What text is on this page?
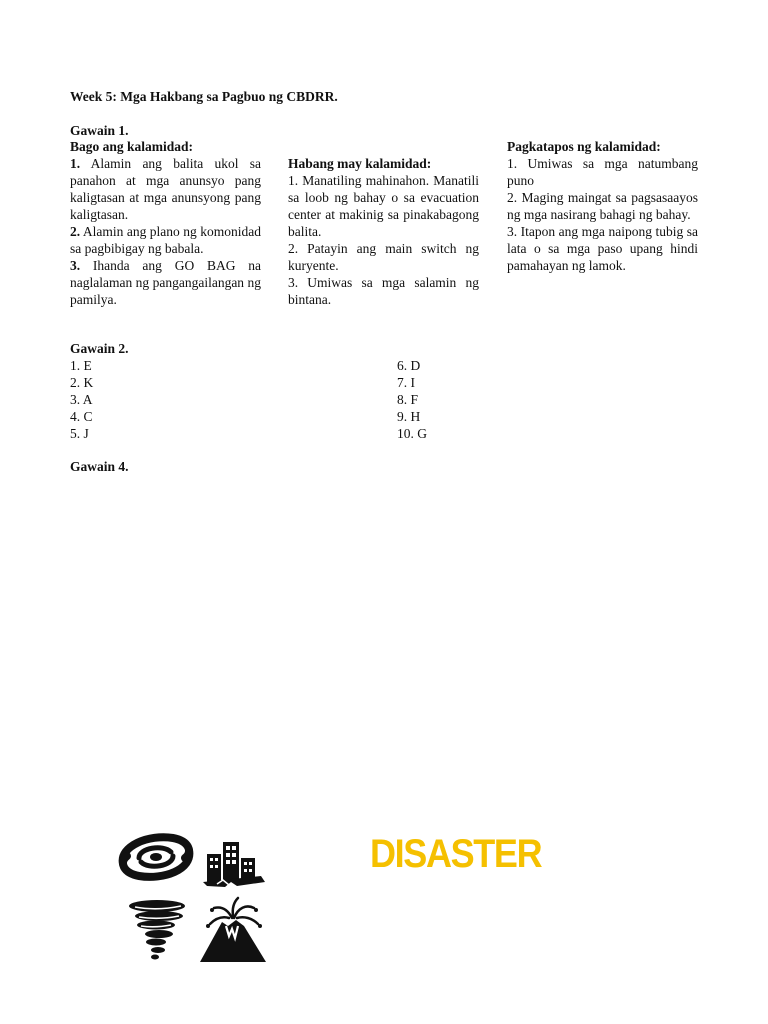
Week 5: Mga Hakbang sa Pagbuo ng CBDRR.
Gawain 1.
Bago ang kalamidad:
1. Alamin ang balita ukol sa panahon at mga anunsyo pang kaligtasan at mga anunsyong pang kaligtasan.
2. Alamin ang plano ng komonidad sa pagbibigay ng babala.
3. Ihanda ang GO BAG na naglalaman ng pangangailangan ng pamilya.
Habang may kalamidad:
1. Manatiling mahinahon. Manatili sa loob ng bahay o sa evacuation center at makinig sa pinakabagong balita.
2. Patayin ang main switch ng kuryente.
3. Umiwas sa mga salamin ng bintana.
Pagkatapos ng kalamidad:
1. Umiwas sa mga natumbang puno
2. Maging maingat sa pagsasaayos ng mga nasirang bahagi ng bahay.
3. Itapon ang mga naipong tubig sa lata o sa mga paso upang hindi pamahayan ng lamok.
Gawain 2.
1. E
2. K
3. A
4. C
5. J
6. D
7. I
8. F
9. H
10. G
Gawain 4.
DISASTER
